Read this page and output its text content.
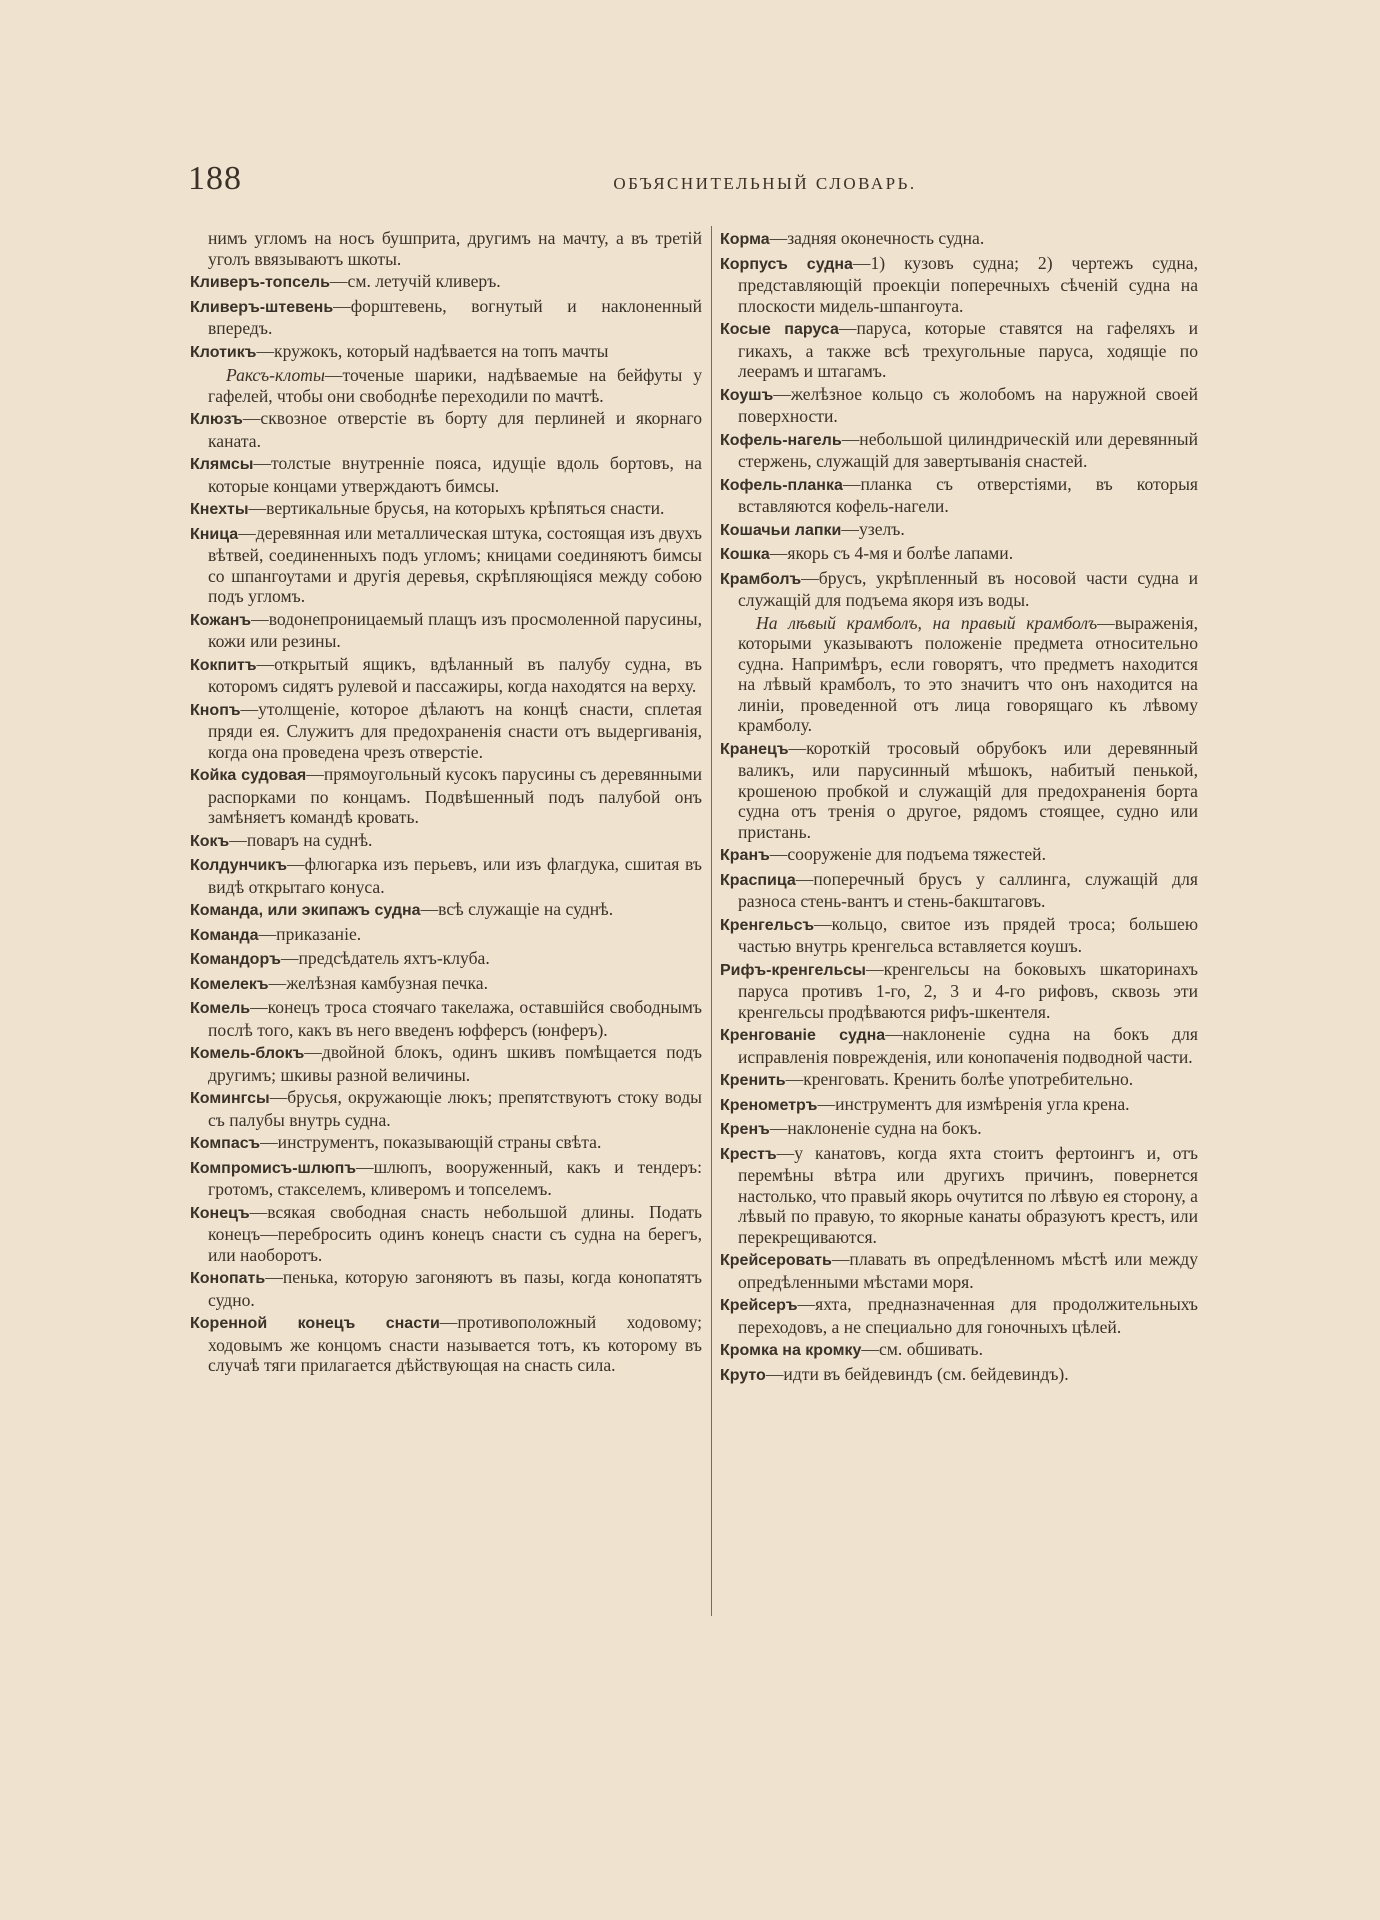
188	ОБЪЯСНИТЕЛЬНЫЙ СЛОВАРЬ.

нимъ угломъ на носъ бушприта, другимъ на мачту, а въ третій уголъ ввязываютъ шкоты.

Кливеръ-топсель—см. летучій кливеръ.

Кливеръ-штевень—форштевень, вогнутый и наклоненный впередъ.

Клотикъ—кружокъ, который надѣвается на топъ мачты

Раксъ-клоты—точеные шарики, надѣваемые на бейфуты у гафелей, чтобы они свободнѣе переходили по мачтѣ.

Клюзъ—сквозное отверстіе въ борту для перлиней и якорнаго каната.

Клямсы—толстые внутренніе пояса, идущіе вдоль бортовъ, на которые концами утверждаютъ бимсы.

Кнехты—вертикальные брусья, на которыхъ крѣпяться снасти.

Кница—деревянная или металлическая штука, состоящая изъ двухъ вѣтвей, соединенныхъ подъ угломъ; кницами соединяютъ бимсы со шпангоутами и другія деревья, скрѣпляющіяся между собою подъ угломъ.

Кожанъ—водонепроницаемый плащъ изъ просмоленной парусины, кожи или резины.

Кокпитъ—открытый ящикъ, вдѣланный въ палубу судна, въ которомъ сидятъ рулевой и пассажиры, когда находятся на верху.

Кнопъ—утолщеніе, которое дѣлаютъ на концѣ снасти, сплетая пряди ея. Служитъ для предохраненія снасти отъ выдергиванія, когда она проведена чрезъ отверстіе.

Койка судовая—прямоугольный кусокъ парусины съ деревянными распорками по концамъ. Подвѣшенный подъ палубой онъ замѣняетъ командѣ кровать.

Кокъ—поваръ на суднѣ.

Колдунчикъ—флюгарка изъ перьевъ, или изъ флагдука, сшитая въ видѣ открытаго конуса.

Команда, или экипажъ судна—всѣ служащіе на суднѣ.

Команда—приказаніе.

Командоръ—предсѣдатель яхтъ-клуба.

Комелекъ—желѣзная камбузная печка.

Комель—конецъ троса стоячаго такелажа, оставшійся свободнымъ послѣ того, какъ въ него введенъ юфферсъ (юнферъ).

Комель-блокъ—двойной блокъ, одинъ шкивъ помѣщается подъ другимъ; шкивы разной величины.

Комингсы—брусья, окружающіе люкъ; препятствуютъ стоку воды съ палубы внутрь судна.

Компасъ—инструментъ, показывающій страны свѣта.

Компромисъ-шлюпъ—шлюпъ, вооруженный, какъ и тендеръ: гротомъ, стакселемъ, кливеромъ и топселемъ.

Конецъ—всякая свободная снасть небольшой длины. Подать конецъ—перебросить одинъ конецъ снасти съ судна на берегъ, или наоборотъ.

Конопать—пенька, которую загоняютъ въ пазы, когда конопатятъ судно.

Коренной конецъ снасти—противоположный ходовому; ходовымъ же концомъ снасти называется тотъ, къ которому въ случаѣ тяги прилагается дѣйствующая на снасть сила.

Корма—задняя оконечность судна.

Корпусъ судна—1) кузовъ судна; 2) чертежъ судна, представляющій проекціи поперечныхъ сѣченій судна на плоскости мидель-шпангоута.

Косые паруса—паруса, которые ставятся на гафеляхъ и гикахъ, а также всѣ трехугольные паруса, ходящіе по леерамъ и штагамъ.

Коушъ—желѣзное кольцо съ жолобомъ на наружной своей поверхности.

Кофель-нагель—небольшой цилиндрическій или деревянный стержень, служащій для завертыванія снастей.

Кофель-планка—планка съ отверстіями, въ которыя вставляются кофель-нагели.

Кошачьи лапки—узелъ.

Кошка—якорь съ 4-мя и болѣе лапами.

Крамболъ—брусъ, укрѣпленный въ носовой части судна и служащій для подъема якоря изъ воды.

На лѣвый крамболъ, на правый крамболъ—выраженія, которыми указываютъ положеніе предмета относительно судна. Напримѣръ, если говорятъ, что предметъ находится на лѣвый крамболъ, то это значитъ что онъ находится на линіи, проведенной отъ лица говорящаго къ лѣвому крамболу.

Кранецъ—короткій тросовый обрубокъ или деревянный валикъ, или парусинный мѣшокъ, набитый пенькой, крошеною пробкой и служащій для предохраненія борта судна отъ тренія о другое, рядомъ стоящее, судно или пристань.

Кранъ—сооруженіе для подъема тяжестей.

Краспица—поперечный брусъ у саллинга, служащій для разноса стень-вантъ и стень-бакштаговъ.

Кренгельсъ—кольцо, свитое изъ прядей троса; большею частью внутрь кренгельса вставляется коушъ.

Рифъ-кренгельсы—кренгельсы на боковыхъ шкаторинахъ паруса противъ 1-го, 2, 3 и 4-го рифовъ, сквозь эти кренгельсы продѣваются рифъ-шкентеля.

Кренгованіе судна—наклоненіе судна на бокъ для исправленія поврежденія, или конопаченія подводной части.

Кренить—кренговать. Кренить болѣе употребительно.

Кренометръ—инструментъ для измѣренія угла крена.

Кренъ—наклоненіе судна на бокъ.

Крестъ—у канатовъ, когда яхта стоитъ фертоингъ и, отъ перемѣны вѣтра или другихъ причинъ, повернется настолько, что правый якорь очутится по лѣвую ея сторону, а лѣвый по правую, то якорные канаты образуютъ крестъ, или перекрещиваются.

Крейсеровать—плавать въ опредѣленномъ мѣстѣ или между опредѣленными мѣстами моря.

Крейсеръ—яхта, предназначенная для продолжительныхъ переходовъ, а не специально для гоночныхъ цѣлей.

Кромка на кромку—см. обшивать.

Круто—идти въ бейдевиндъ (см. бейдевиндъ).
